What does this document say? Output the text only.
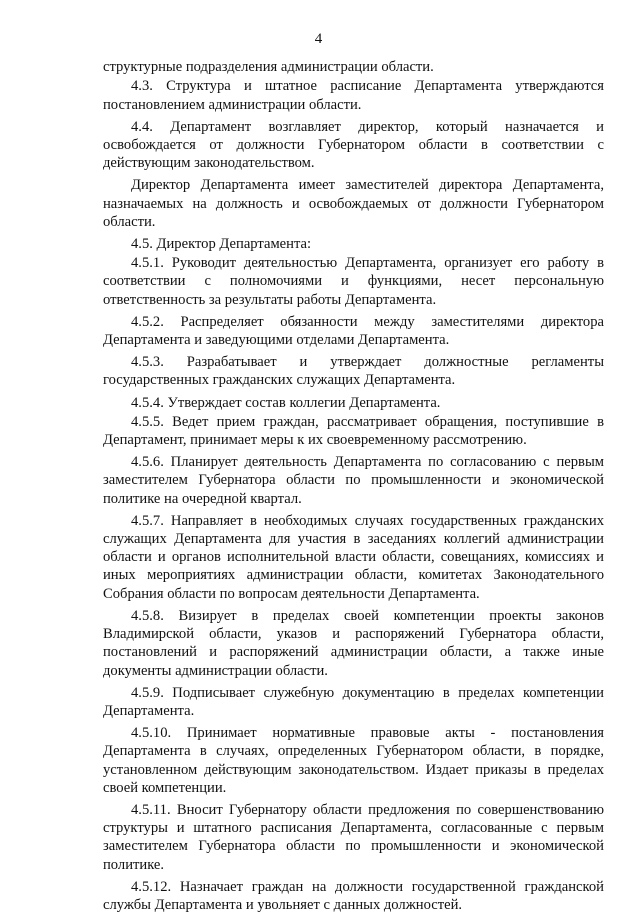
4

структурные подразделения администрации области.

4.3. Структура и штатное расписание Департамента утверждаются постановлением администрации области.

4.4. Департамент возглавляет директор, который назначается и освобождается от должности Губернатором области в соответствии с действующим законодательством.

Директор Департамента имеет заместителей директора Департамента, назначаемых на должность и освобождаемых от должности Губернатором области.

4.5. Директор Департамента:

4.5.1. Руководит деятельностью Департамента, организует его работу в соответствии с полномочиями и функциями, несет персональную ответственность за результаты работы Департамента.

4.5.2. Распределяет обязанности между заместителями директора Департамента и заведующими отделами Департамента.

4.5.3. Разрабатывает и утверждает должностные регламенты государственных гражданских служащих Департамента.

4.5.4. Утверждает состав коллегии Департамента.

4.5.5. Ведет прием граждан, рассматривает обращения, поступившие в Департамент, принимает меры к их своевременному рассмотрению.

4.5.6. Планирует деятельность Департамента по согласованию с первым заместителем Губернатора области по промышленности и экономической политике на очередной квартал.

4.5.7. Направляет в необходимых случаях государственных гражданских служащих Департамента для участия в заседаниях коллегий администрации области и органов исполнительной власти области, совещаниях, комиссиях и иных мероприятиях администрации области, комитетах Законодательного Собрания области по вопросам деятельности Департамента.

4.5.8. Визирует в пределах своей компетенции проекты законов Владимирской области, указов и распоряжений Губернатора области, постановлений и распоряжений администрации области, а также иные документы администрации области.

4.5.9. Подписывает служебную документацию в пределах компетенции Департамента.

4.5.10. Принимает нормативные правовые акты - постановления Департамента в случаях, определенных Губернатором области, в порядке, установленном действующим законодательством. Издает приказы в пределах своей компетенции.

4.5.11. Вносит Губернатору области предложения по совершенствованию структуры и штатного расписания Департамента, согласованные с первым заместителем Губернатора области по промышленности и экономической политике.

4.5.12. Назначает граждан на должности государственной гражданской службы Департамента и увольняет с данных должностей.
